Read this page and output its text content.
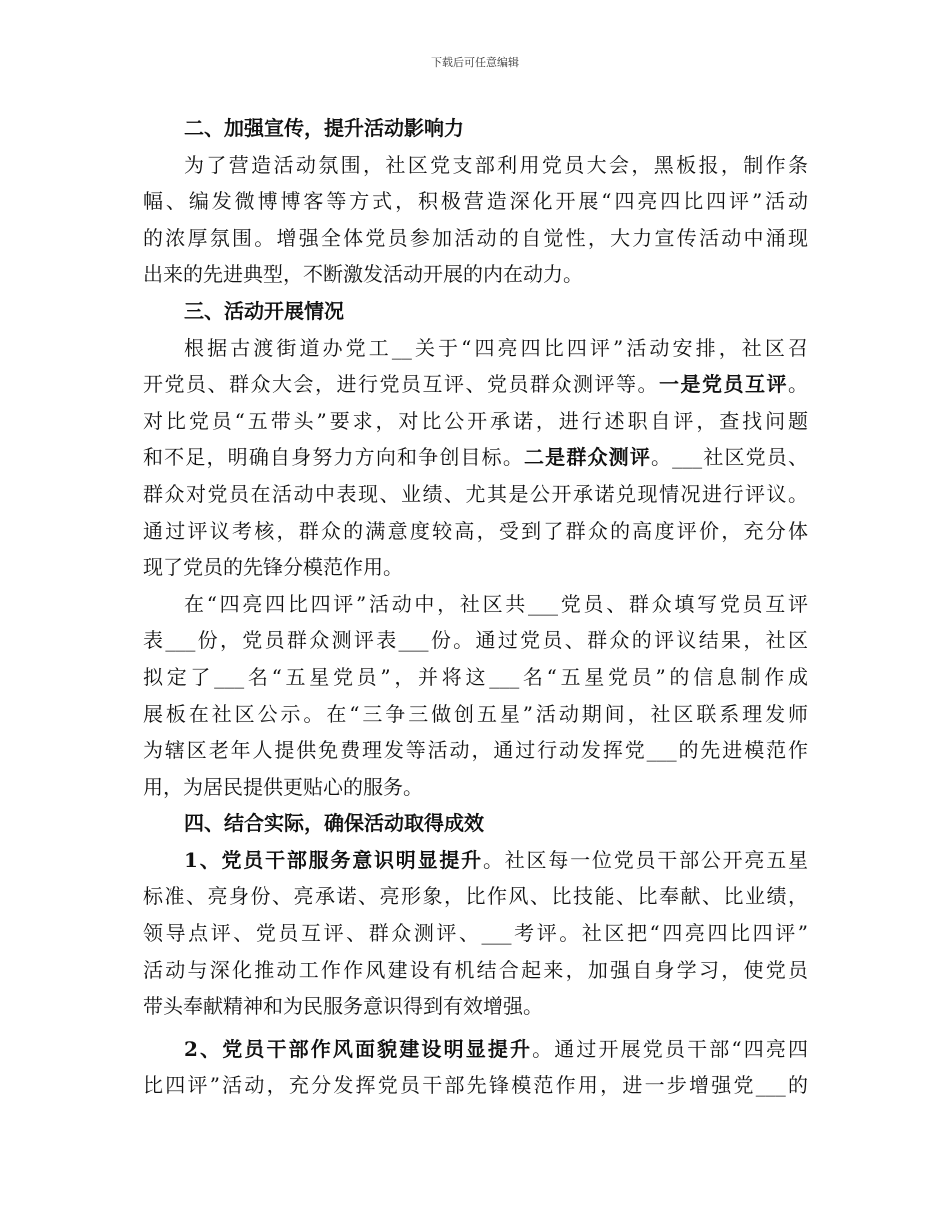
下载后可任意编辑
二、加强宣传，提升活动影响力
为了营造活动氛围，社区党支部利用党员大会，黑板报，制作条
幅、编发微博博客等方式，积极营造深化开展“四亮四比四评”活动
的浓厚氛围。增强全体党员参加活动的自觉性，大力宣传活动中涌现
出来的先进典型，不断激发活动开展的内在动力。
三、活动开展情况
根据古渡街道办党工__关于“四亮四比四评”活动安排，社区召
开党员、群众大会，进行党员互评、党员群众测评等。一是党员互评。
对比党员“五带头”要求，对比公开承诺，进行述职自评，查找问题
和不足，明确自身努力方向和争创目标。二是群众测评。___社区党员、
群众对党员在活动中表现、业绩、尤其是公开承诺兑现情况进行评议。
通过评议考核，群众的满意度较高，受到了群众的高度评价，充分体
现了党员的先锋分模范作用。
在“四亮四比四评”活动中，社区共___党员、群众填写党员互评
表___份，党员群众测评表___份。通过党员、群众的评议结果，社区
拟定了___名“五星党员”，并将这___名“五星党员”的信息制作成
展板在社区公示。在“三争三做创五星”活动期间，社区联系理发师
为辖区老年人提供免费理发等活动，通过行动发挥党___的先进模范作
用，为居民提供更贴心的服务。
四、结合实际，确保活动取得成效
1、党员干部服务意识明显提升。社区每一位党员干部公开亮五星
标准、亮身份、亮承诺、亮形象，比作风、比技能、比奉献、比业绩，
领导点评、党员互评、群众测评、___考评。社区把“四亮四比四评”
活动与深化推动工作作风建设有机结合起来，加强自身学习，使党员
带头奉献精神和为民服务意识得到有效增强。
2、党员干部作风面貌建设明显提升。通过开展党员干部“四亮四
比四评”活动，充分发挥党员干部先锋模范作用，进一步增强党___的
